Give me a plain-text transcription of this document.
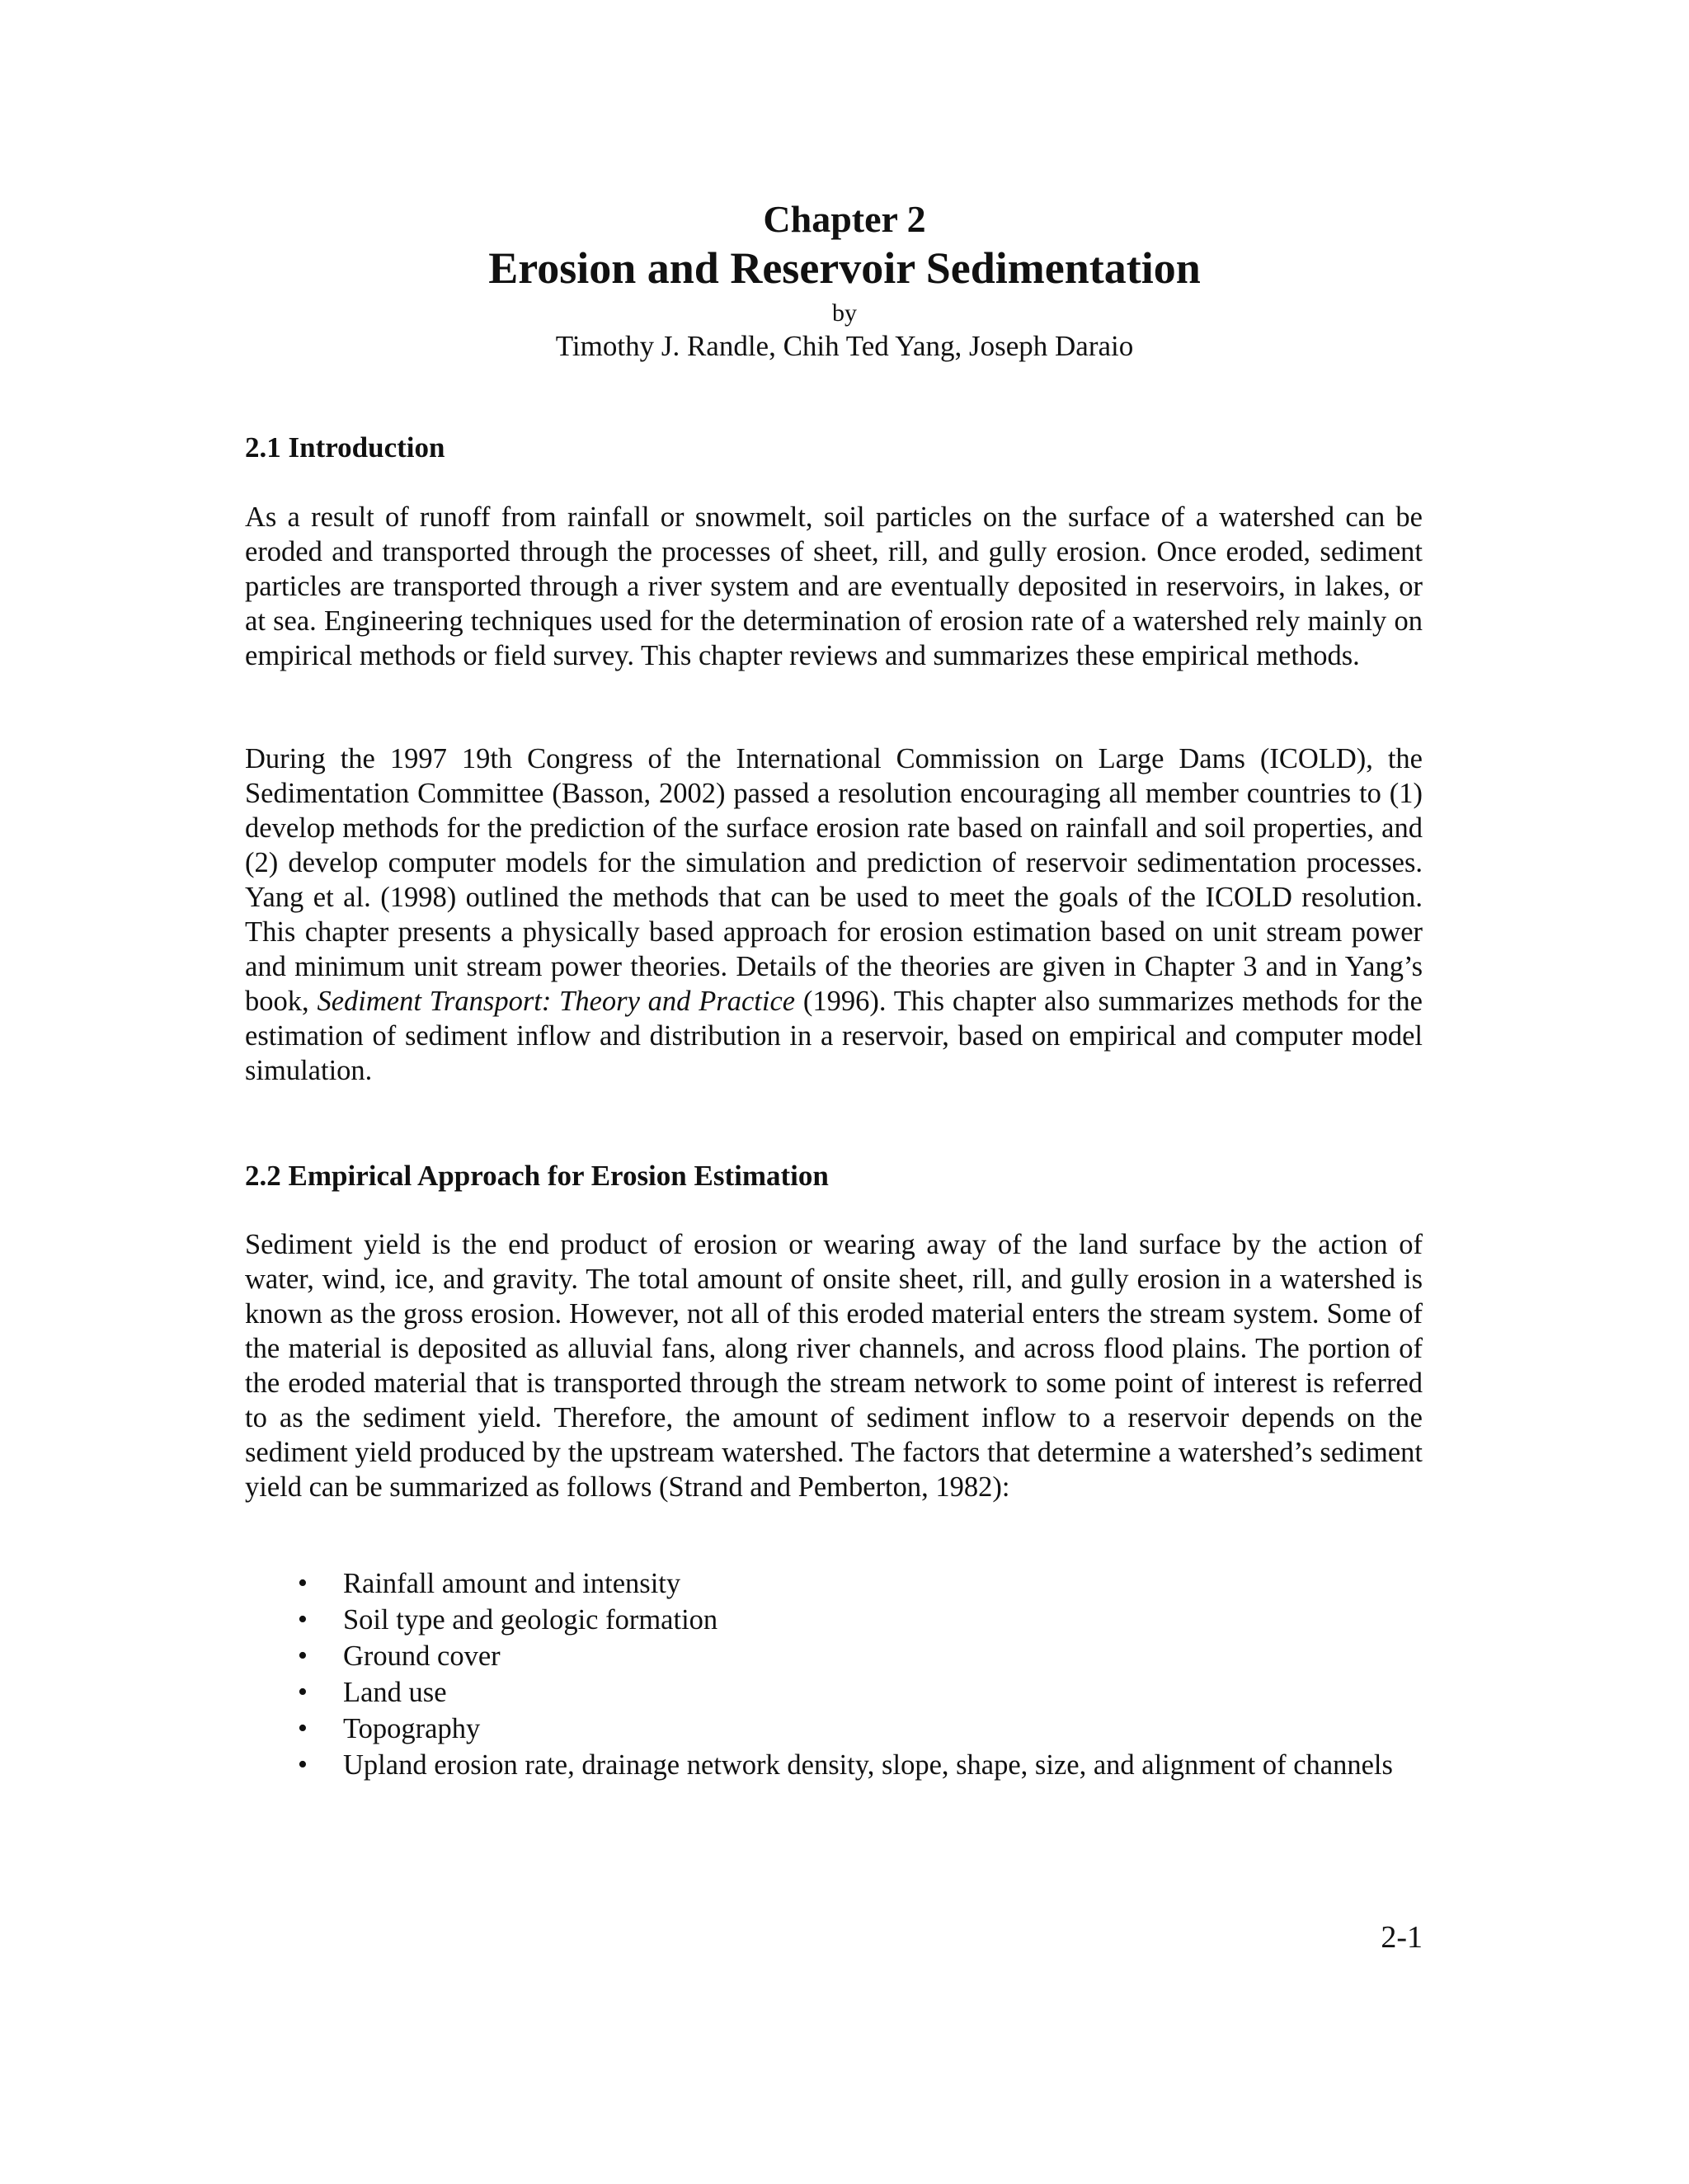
Chapter 2
Erosion and Reservoir Sedimentation
by
Timothy J. Randle, Chih Ted Yang, Joseph Daraio
2.1 Introduction

As a result of runoff from rainfall or snowmelt, soil particles on the surface of a watershed can be eroded and transported through the processes of sheet, rill, and gully erosion. Once eroded, sediment particles are transported through a river system and are eventually deposited in reservoirs, in lakes, or at sea. Engineering techniques used for the determination of erosion rate of a watershed rely mainly on empirical methods or field survey. This chapter reviews and summarizes these empirical methods.

During the 1997 19th Congress of the International Commission on Large Dams (ICOLD), the Sedimentation Committee (Basson, 2002) passed a resolution encouraging all member countries to (1) develop methods for the prediction of the surface erosion rate based on rainfall and soil properties, and (2) develop computer models for the simulation and prediction of reservoir sedimentation processes. Yang et al. (1998) outlined the methods that can be used to meet the goals of the ICOLD resolution. This chapter presents a physically based approach for erosion estimation based on unit stream power and minimum unit stream power theories. Details of the theories are given in Chapter 3 and in Yang’s book, Sediment Transport: Theory and Practice (1996). This chapter also summarizes methods for the estimation of sediment inflow and distribution in a reservoir, based on empirical and computer model simulation.

2.2 Empirical Approach for Erosion Estimation

Sediment yield is the end product of erosion or wearing away of the land surface by the action of water, wind, ice, and gravity. The total amount of onsite sheet, rill, and gully erosion in a watershed is known as the gross erosion. However, not all of this eroded material enters the stream system. Some of the material is deposited as alluvial fans, along river channels, and across flood plains. The portion of the eroded material that is transported through the stream network to some point of interest is referred to as the sediment yield. Therefore, the amount of sediment inflow to a reservoir depends on the sediment yield produced by the upstream watershed. The factors that determine a watershed’s sediment yield can be summarized as follows (Strand and Pemberton, 1982):

• Rainfall amount and intensity
• Soil type and geologic formation
• Ground cover
• Land use
• Topography
• Upland erosion rate, drainage network density, slope, shape, size, and alignment of channels
2-1
